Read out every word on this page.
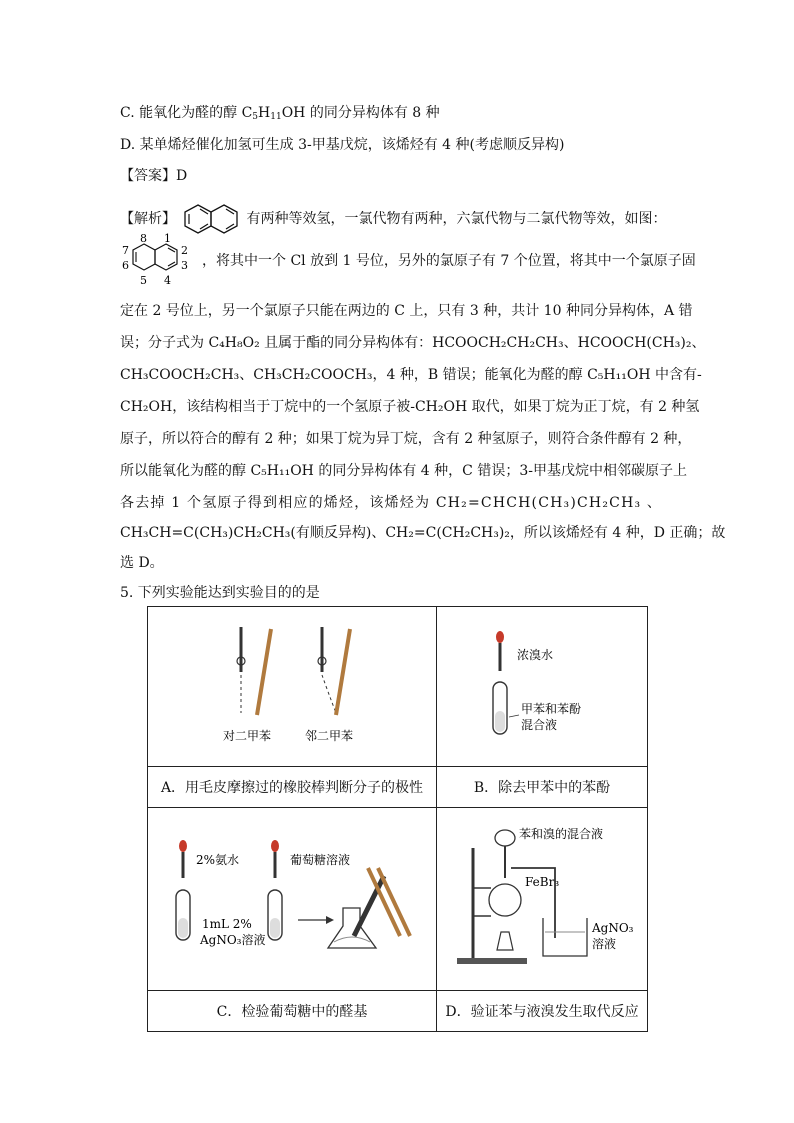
C. 能氧化为醛的醇 $C_5H_{11}OH$ 的同分异构体有 8 种
D. 某单烯烃催化加氢可生成 3-甲基戊烷，该烯烃有 4 种(考虑顺反异构)
【答案】D
【解析】	有两种等效氢，一氯代物有两种，六氯代物与二氯代物等效，如图：
8 1
7	2
6	3
5 4
，将其中一个 Cl 放到 1 号位，另外的氯原子有 7 个位置，将其中一个氯原子固
定在 2 号位上，另一个氯原子只能在两边的 C 上，只有 3 种，共计 10 种同分异构体，A 错
误；分子式为 C₄H₈O₂ 且属于酯的同分异构体有：HCOOCH₂CH₂CH₃、HCOOCH(CH₃)₂、
CH₃COOCH₂CH₃、CH₃CH₂COOCH₃，4 种，B 错误；能氧化为醛的醇 C₅H₁₁OH 中含有-
CH₂OH，该结构相当于丁烷中的一个氢原子被-CH₂OH 取代，如果丁烷为正丁烷，有 2 种氢
原子，所以符合的醇有 2 种；如果丁烷为异丁烷，含有 2 种氢原子，则符合条件醇有 2 种，
所以能氧化为醛的醇 C₅H₁₁OH 的同分异构体有 4 种，C 错误；3-甲基戊烷中相邻碳原子上
各去掉 1 个氢原子得到相应的烯烃，该烯烃为 CH₂=CHCH(CH₃)CH₂CH₃ 、
CH₃CH=C(CH₃)CH₂CH₃(有顺反异构)、CH₂=C(CH₂CH₃)₂，所以该烯烃有 4 种，D 正确；故
选 D。
5. 下列实验能达到实验目的的是
对二甲苯 邻二甲苯	浓溴水
甲苯和苯酚
混合液

A．用毛皮摩擦过的橡胶棒判断分子的极性	B．除去甲苯中的苯酚

2%氨水
1mL 2%
AgNO₃溶液
葡萄糖溶液	苯和溴的混合液
FeBr₃
AgNO₃
溶液

C．检验葡萄糖中的醛基	D．验证苯与液溴发生取代反应
